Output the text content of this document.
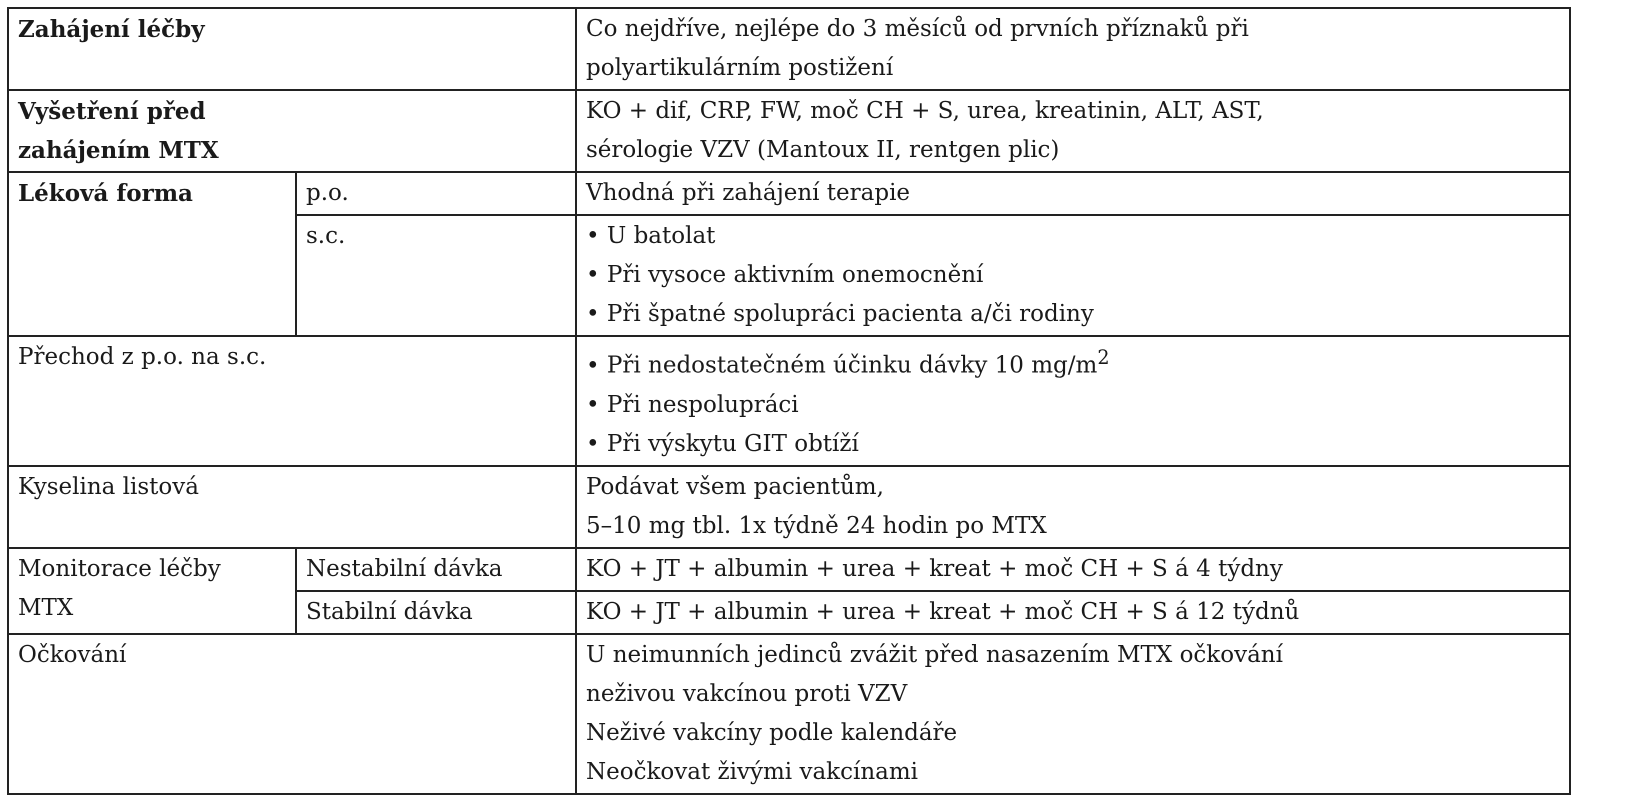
Zahájení léčby		Co nejdříve, nejlépe do 3 měsíců od prvních příznaků při
polyartikulárním postižení

Vyšetření před
zahájením MTX		KO + dif, CRP, FW, moč CH + S, urea, kreatinin, ALT, AST,
sérologie VZV (Mantoux II, rentgen plic)

Léková forma	p.o.	Vhodná při zahájení terapie

	s.c.	• U batolat
• Při vysoce aktivním onemocnění
• Při špatné spolupráci pacienta a/či rodiny

Přechod z p.o. na s.c.		• Při nedostatečném účinku dávky 10 $mg/m^2$
• Při nespolupráci
• Při výskytu GIT obtíží

Kyselina listová		Podávat všem pacientům,
5–10 mg tbl. 1x týdně 24 hodin po MTX

Monitorace léčby
MTX	Nestabilní dávka	KO + JT + albumin + urea + kreat + moč CH + S á 4 týdny

	Stabilní dávka	KO + JT + albumin + urea + kreat + moč CH + S á 12 týdnů

Očkování		U neimunních jedinců zvážit před nasazením MTX očkování
neživou vakcínou proti VZV
Neživé vakcíny podle kalendáře
Neočkovat živými vakcínami
